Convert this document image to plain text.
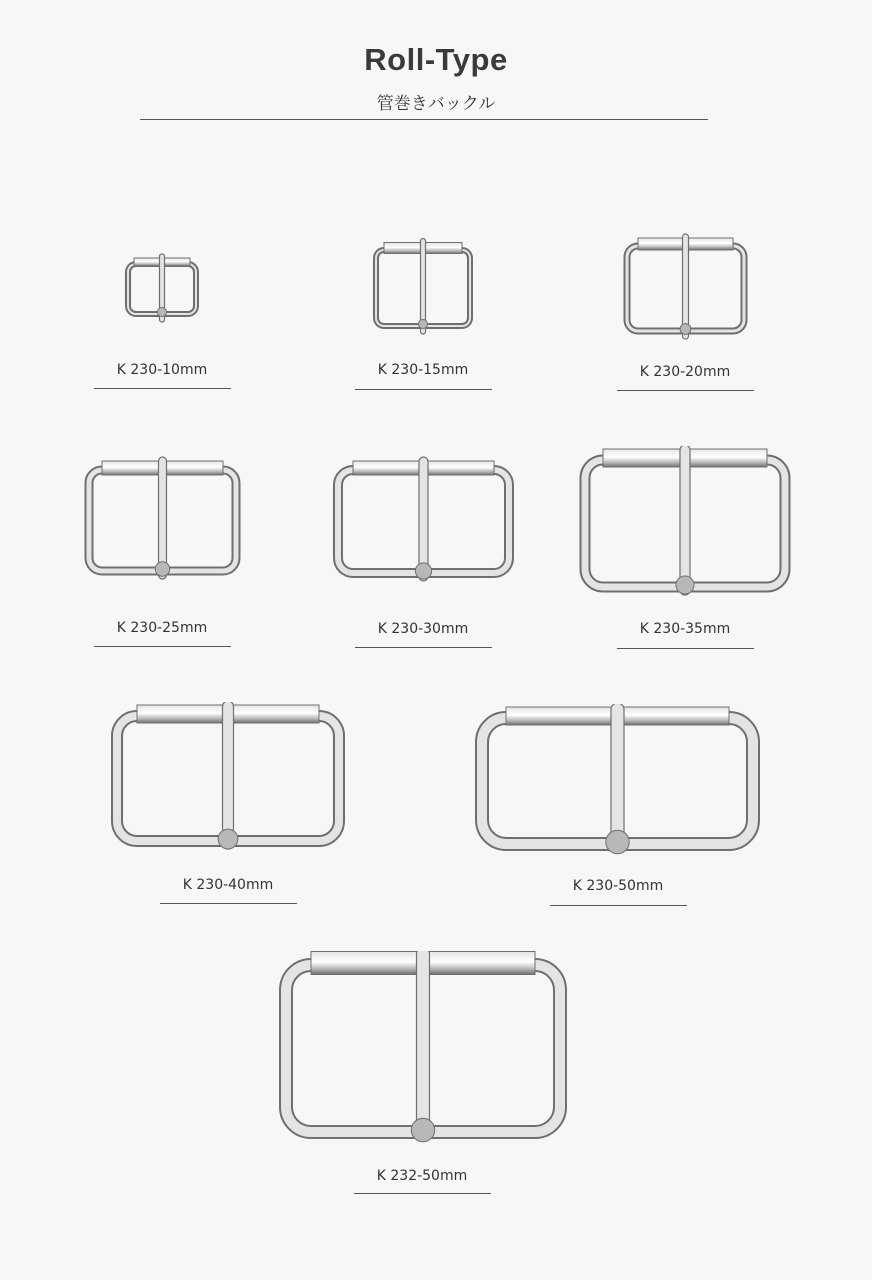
Roll-Type
管巻きバックル
K 230-10mm	K 230-15mm	K 230-20mm
K 230-25mm	K 230-30mm	K 230-35mm
K 230-40mm	K 230-50mm
K 232-50mm
